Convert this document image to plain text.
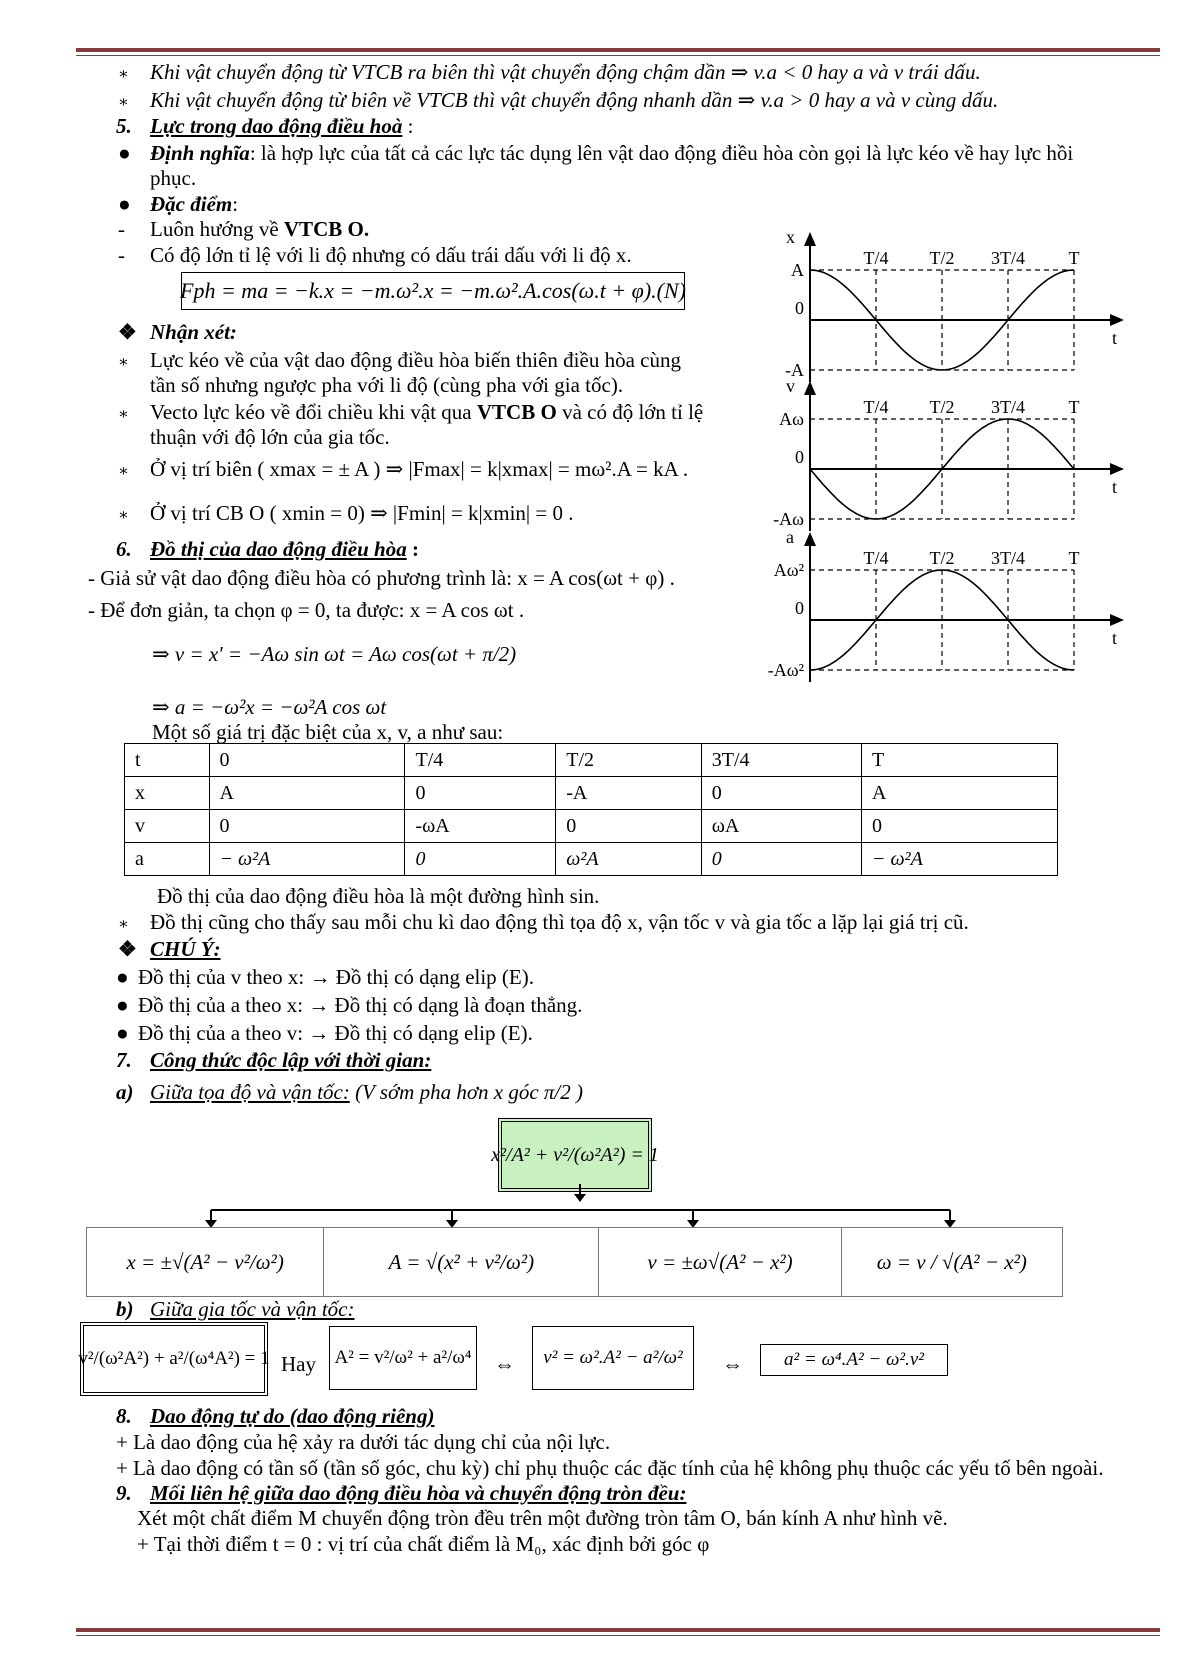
∗ Khi vật chuyển động từ VTCB ra biên thì vật chuyển động chậm dần ⇒ v.a < 0 hay a và v trái dấu.
∗ Khi vật chuyển động từ biên về VTCB thì vật chuyển động nhanh dần ⇒ v.a > 0 hay a và v cùng dấu.
5. Lực trong dao động điều hoà :
● Định nghĩa: là hợp lực của tất cả các lực tác dụng lên vật dao động điều hòa còn gọi là lực kéo về hay lực hồi
phục.
● Đặc điểm:
- Luôn hướng về VTCB O.
- Có độ lớn tỉ lệ với li độ nhưng có dấu trái dấu với li độ x.
Fph = ma = −k.x = −m.ω².x = −m.ω².A.cos(ω.t + φ).(N)
❖ Nhận xét:
∗ Lực kéo về của vật dao động điều hòa biến thiên điều hòa cùng
tần số nhưng ngược pha với li độ (cùng pha với gia tốc).
∗ Vecto lực kéo về đổi chiều khi vật qua VTCB O và có độ lớn tỉ lệ
thuận với độ lớn của gia tốc.
∗ Ở vị trí biên ( xmax = ± A ) ⇒ |Fmax| = k|xmax| = mω².A = kA .
∗ Ở vị trí CB O ( xmin = 0) ⇒ |Fmin| = k|xmin| = 0 .
6. Đồ thị của dao động điều hòa :
- Giả sử vật dao động điều hòa có phương trình là: x = A cos(ωt + φ) .
- Để đơn giản, ta chọn φ = 0, ta được: x = A cos ωt .
⇒ v = x' = −Aω sin ωt = Aω cos(ωt + π/2)
⇒ a = −ω²x = −ω²A cos ωt
Một số giá trị đặc biệt của x, v, a như sau:
x
t
A
0
-A
T/4 T/2 3T/4 T
v
t
Aω
0
-Aω
T/4 T/2 3T/4 T
a
t
Aω²
0
-Aω²
T/4 T/2 3T/4 T
t	0	T/4	T/2	3T/4	T
x	A	0	-A	0	A
v	0	-ωA	0	ωA	0
a	− ω²A	0	ω²A	0	− ω²A
Đồ thị của dao động điều hòa là một đường hình sin.
∗ Đồ thị cũng cho thấy sau mỗi chu kì dao động thì tọa độ x, vận tốc v và gia tốc a lặp lại giá trị cũ.
❖ CHÚ Ý:
● Đồ thị của v theo x: → Đồ thị có dạng elip (E).
● Đồ thị của a theo x: → Đồ thị có dạng là đoạn thẳng.
● Đồ thị của a theo v: → Đồ thị có dạng elip (E).
7. Công thức độc lập với thời gian:
a) Giữa tọa độ và vận tốc: (V sớm pha hơn x góc π/2 )
x²/A² + v²/(ω²A²) = 1
x = ±√(A² − v²/ω²)	A = √(x² + v²/ω²)	v = ±ω√(A² − x²)	ω = v / √(A² − x²)
b) Giữa gia tốc và vận tốc:
v²/(ω²A²) + a²/(ω⁴A²) = 1 Hay A² = v²/ω² + a²/ω⁴ ⇔ v² = ω².A² − a²/ω² ⇔ a² = ω⁴.A² − ω².v²
8. Dao động tự do (dao động riêng)
+ Là dao động của hệ xảy ra dưới tác dụng chỉ của nội lực.
+ Là dao động có tần số (tần số góc, chu kỳ) chỉ phụ thuộc các đặc tính của hệ không phụ thuộc các yếu tố bên ngoài.
9. Mối liên hệ giữa dao động điều hòa và chuyển động tròn đều:
Xét một chất điểm M chuyển động tròn đều trên một đường tròn tâm O, bán kính A như hình vẽ.
+ Tại thời điểm t = 0 : vị trí của chất điểm là M₀, xác định bởi góc φ
